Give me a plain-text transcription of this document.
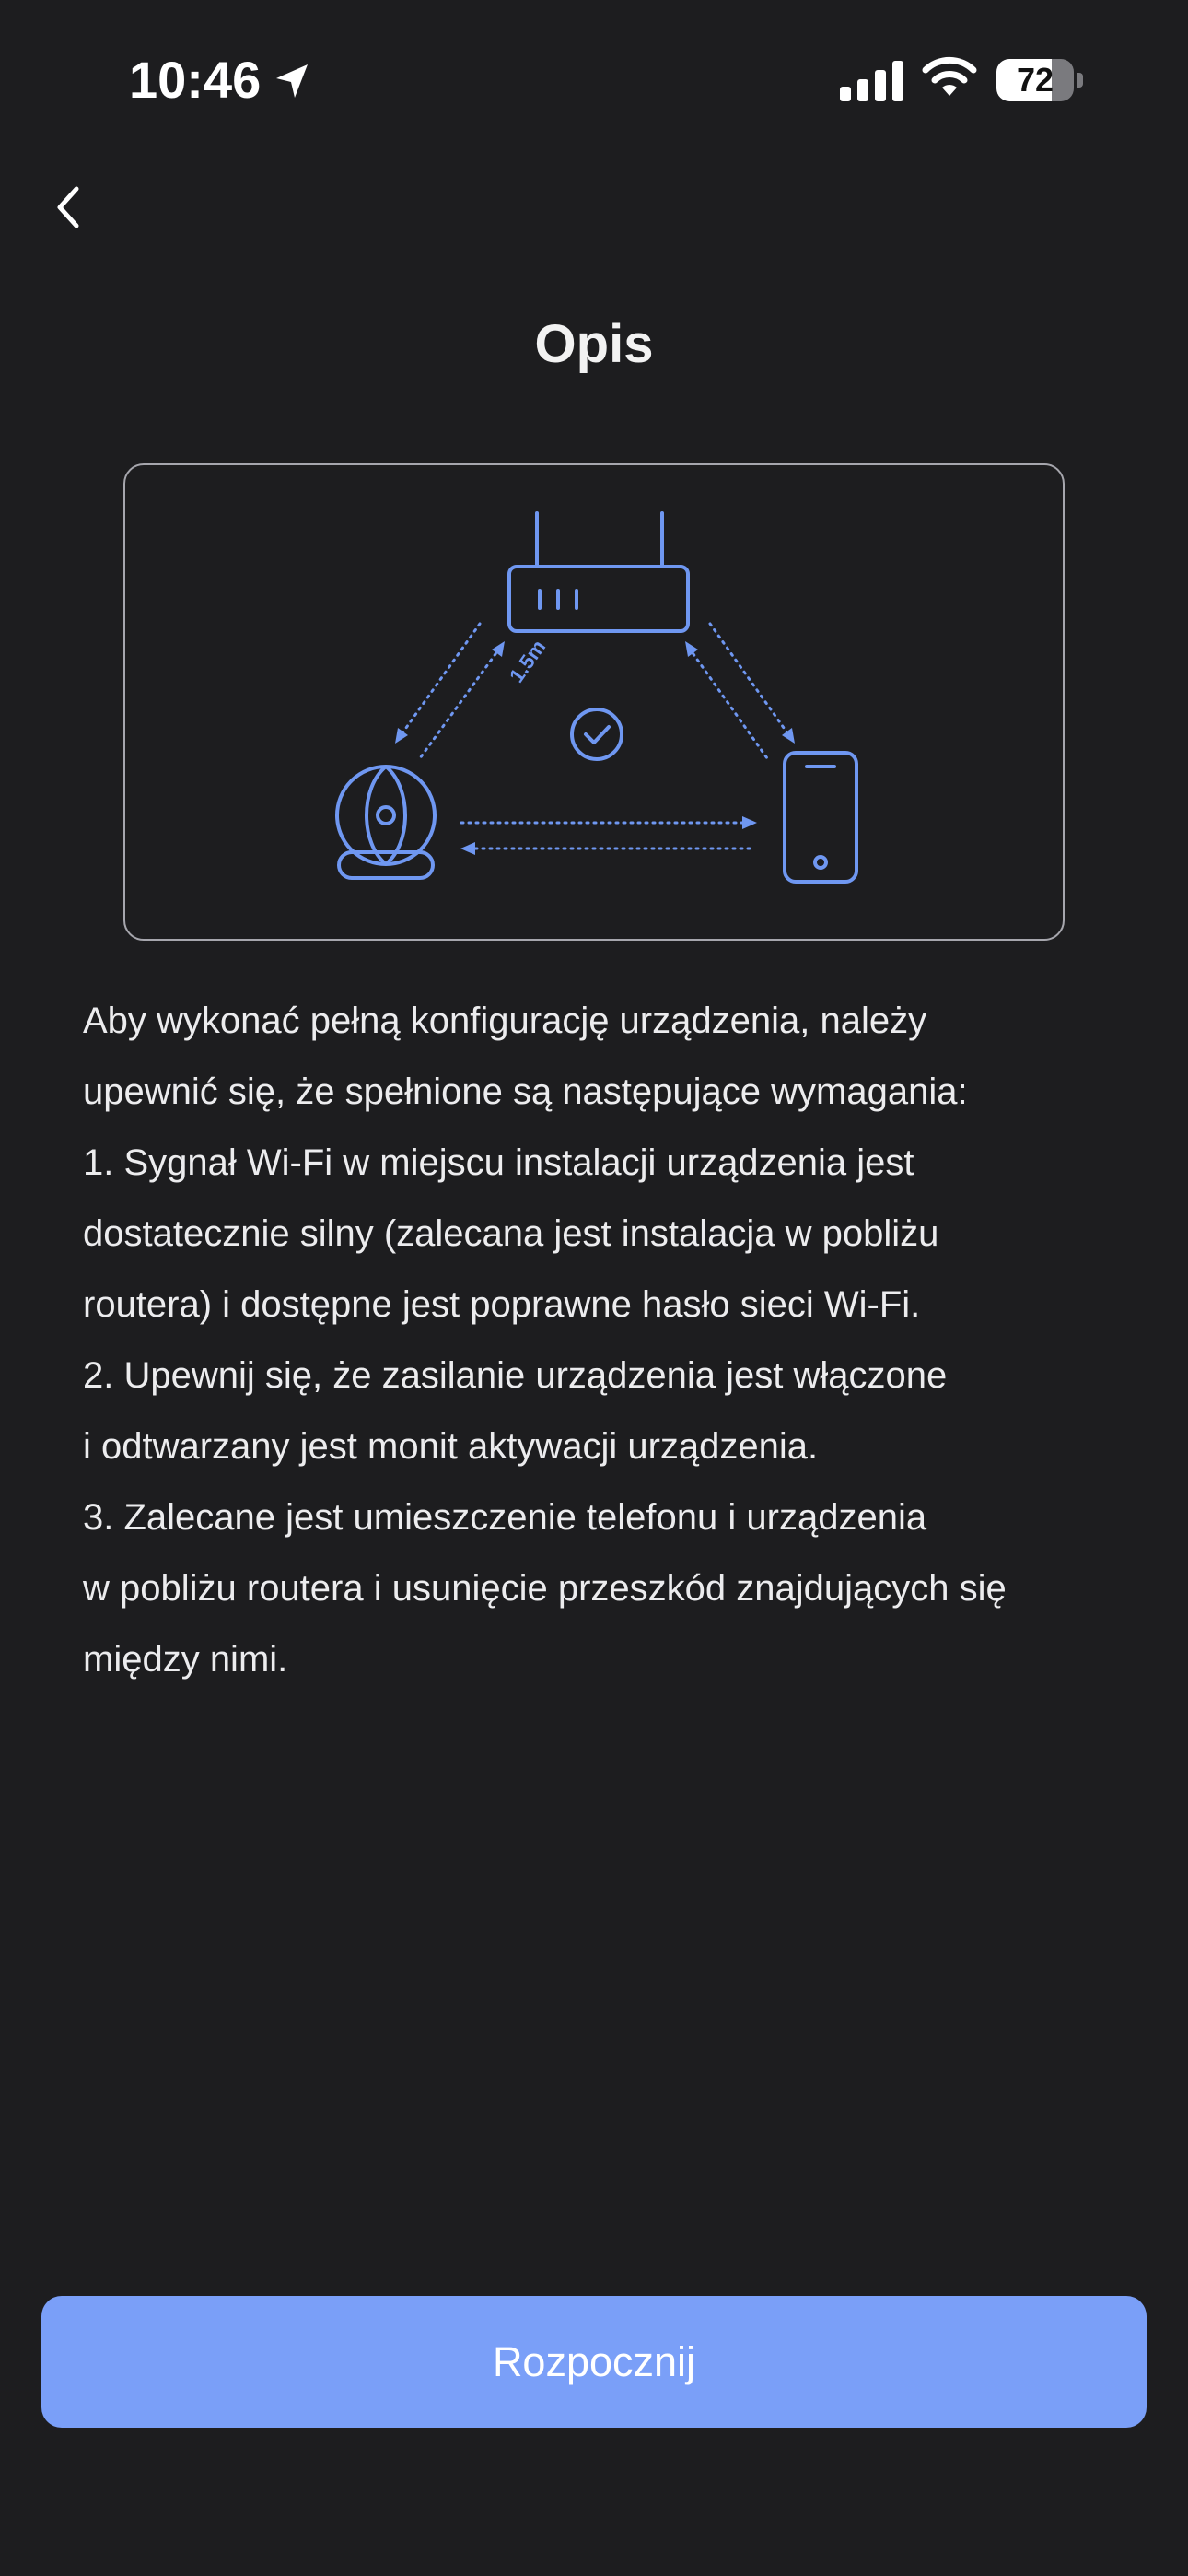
10:46	72
Opis
1.5m

Aby wykonać pełną konfigurację urządzenia, należy

upewnić się, że spełnione są następujące wymagania:

1. Sygnał Wi-Fi w miejscu instalacji urządzenia jest

dostatecznie silny (zalecana jest instalacja w pobliżu

routera) i dostępne jest poprawne hasło sieci Wi-Fi.

2. Upewnij się, że zasilanie urządzenia jest włączone

i odtwarzany jest monit aktywacji urządzenia.

3. Zalecane jest umieszczenie telefonu i urządzenia

w pobliżu routera i usunięcie przeszkód znajdujących się

między nimi.

Rozpocznij
